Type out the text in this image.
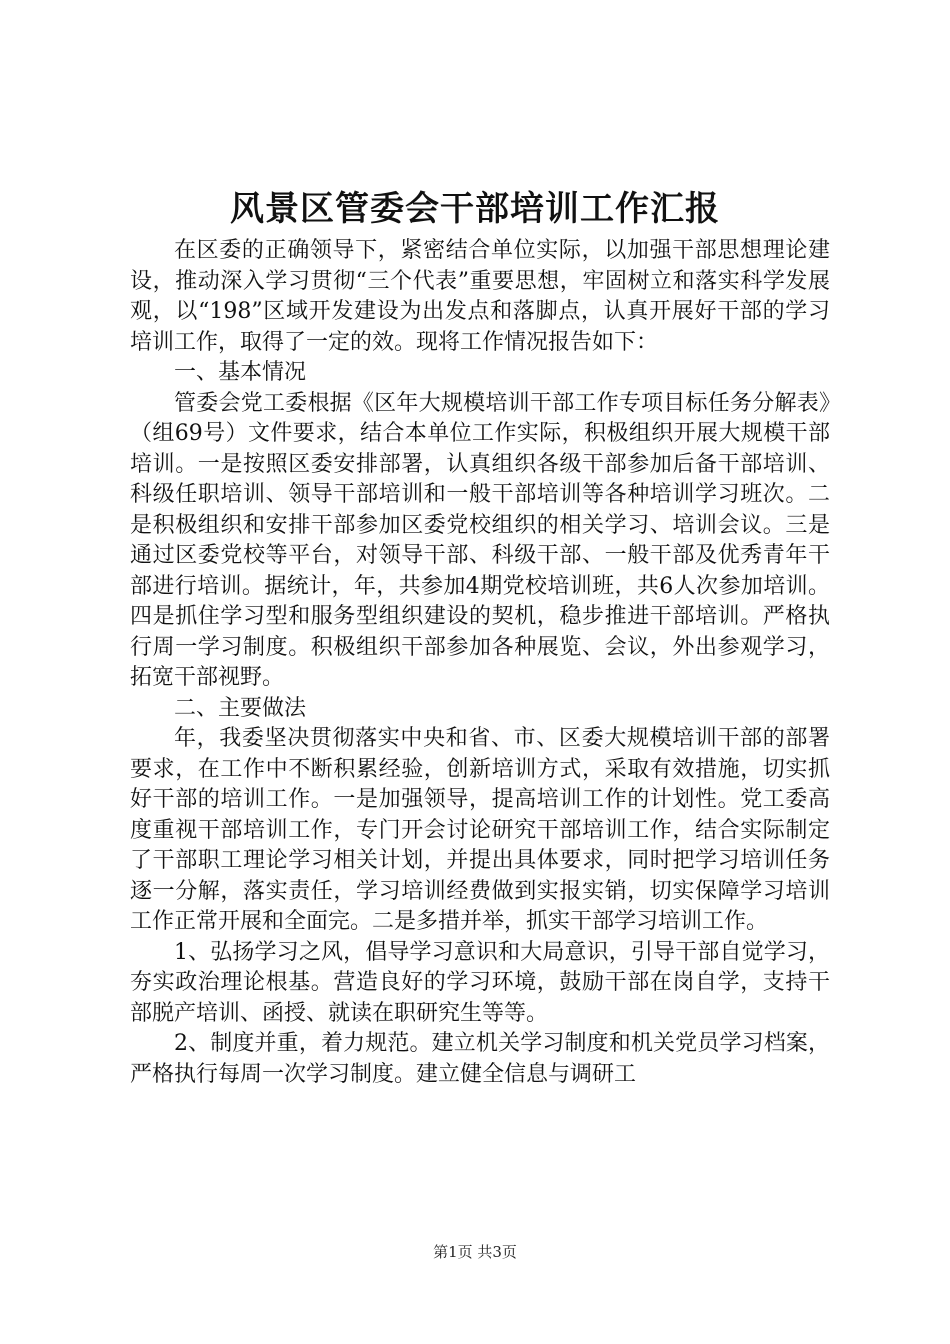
风景区管委会干部培训工作汇报

在区委的正确领导下，紧密结合单位实际，以加强干部思想理论建设，推动深入学习贯彻“三个代表”重要思想，牢固树立和落实科学发展观，以“198”区域开发建设为出发点和落脚点，认真开展好干部的学习培训工作，取得了一定的效。现将工作情况报告如下：

一、基本情况

管委会党工委根据《区年大规模培训干部工作专项目标任务分解表》（组69号）文件要求，结合本单位工作实际，积极组织开展大规模干部培训。一是按照区委安排部署，认真组织各级干部参加后备干部培训、科级任职培训、领导干部培训和一般干部培训等各种培训学习班次。二是积极组织和安排干部参加区委党校组织的相关学习、培训会议。三是通过区委党校等平台，对领导干部、科级干部、一般干部及优秀青年干部进行培训。据统计，年，共参加4期党校培训班，共6人次参加培训。四是抓住学习型和服务型组织建设的契机，稳步推进干部培训。严格执行周一学习制度。积极组织干部参加各种展览、会议，外出参观学习，拓宽干部视野。

二、主要做法

年，我委坚决贯彻落实中央和省、市、区委大规模培训干部的部署要求，在工作中不断积累经验，创新培训方式，采取有效措施，切实抓好干部的培训工作。一是加强领导，提高培训工作的计划性。党工委高度重视干部培训工作，专门开会讨论研究干部培训工作，结合实际制定了干部职工理论学习相关计划，并提出具体要求，同时把学习培训任务逐一分解，落实责任，学习培训经费做到实报实销，切实保障学习培训工作正常开展和全面完。二是多措并举，抓实干部学习培训工作。

1、弘扬学习之风，倡导学习意识和大局意识，引导干部自觉学习，夯实政治理论根基。营造良好的学习环境，鼓励干部在岗自学，支持干部脱产培训、函授、就读在职研究生等等。

2、制度并重，着力规范。建立机关学习制度和机关党员学习档案，严格执行每周一次学习制度。建立健全信息与调研工

第1页 共3页
